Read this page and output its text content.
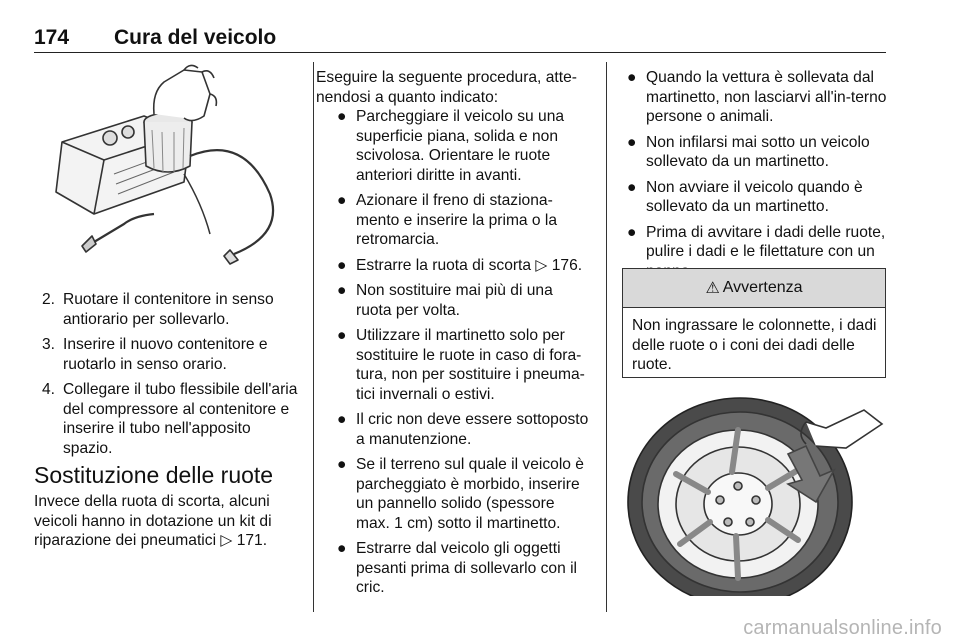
174 Cura del veicolo
2. Ruotare il contenitore in senso antiorario per sollevarlo.
3. Inserire il nuovo contenitore e ruotarlo in senso orario.
4. Collegare il tubo flessibile dell'aria del compressore al contenitore e inserire il tubo nell'apposito spazio.
Sostituzione delle ruote

Invece della ruota di scorta, alcuni veicoli hanno in dotazione un kit di riparazione dei pneumatici ▷ 171.

Eseguire la seguente procedura, atte-nendosi a quanto indicato:

● Parcheggiare il veicolo su una superficie piana, solida e non scivolosa. Orientare le ruote anteriori diritte in avanti.
● Azionare il freno di staziona-mento e inserire la prima o la retromarcia.
● Estrarre la ruota di scorta ▷ 176.
● Non sostituire mai più di una ruota per volta.
● Utilizzare il martinetto solo per sostituire le ruote in caso di fora-tura, non per sostituire i pneuma-tici invernali o estivi.
● Il cric non deve essere sottoposto a manutenzione.
● Se il terreno sul quale il veicolo è parcheggiato è morbido, inserire un pannello solido (spessore max. 1 cm) sotto il martinetto.
● Estrarre dal veicolo gli oggetti pesanti prima di sollevarlo con il cric.
● Quando la vettura è sollevata dal martinetto, non lasciarvi all'in-terno persone o animali.
● Non infilarsi mai sotto un veicolo sollevato da un martinetto.
● Non avviare il veicolo quando è sollevato da un martinetto.
● Prima di avvitare i dadi delle ruote, pulire i dadi e le filettature con un
⚠ Avvertenza
Non ingrassare le colonnette, i dadi delle ruote o i coni dei dadi delle ruote.
carmanualsonline.info
